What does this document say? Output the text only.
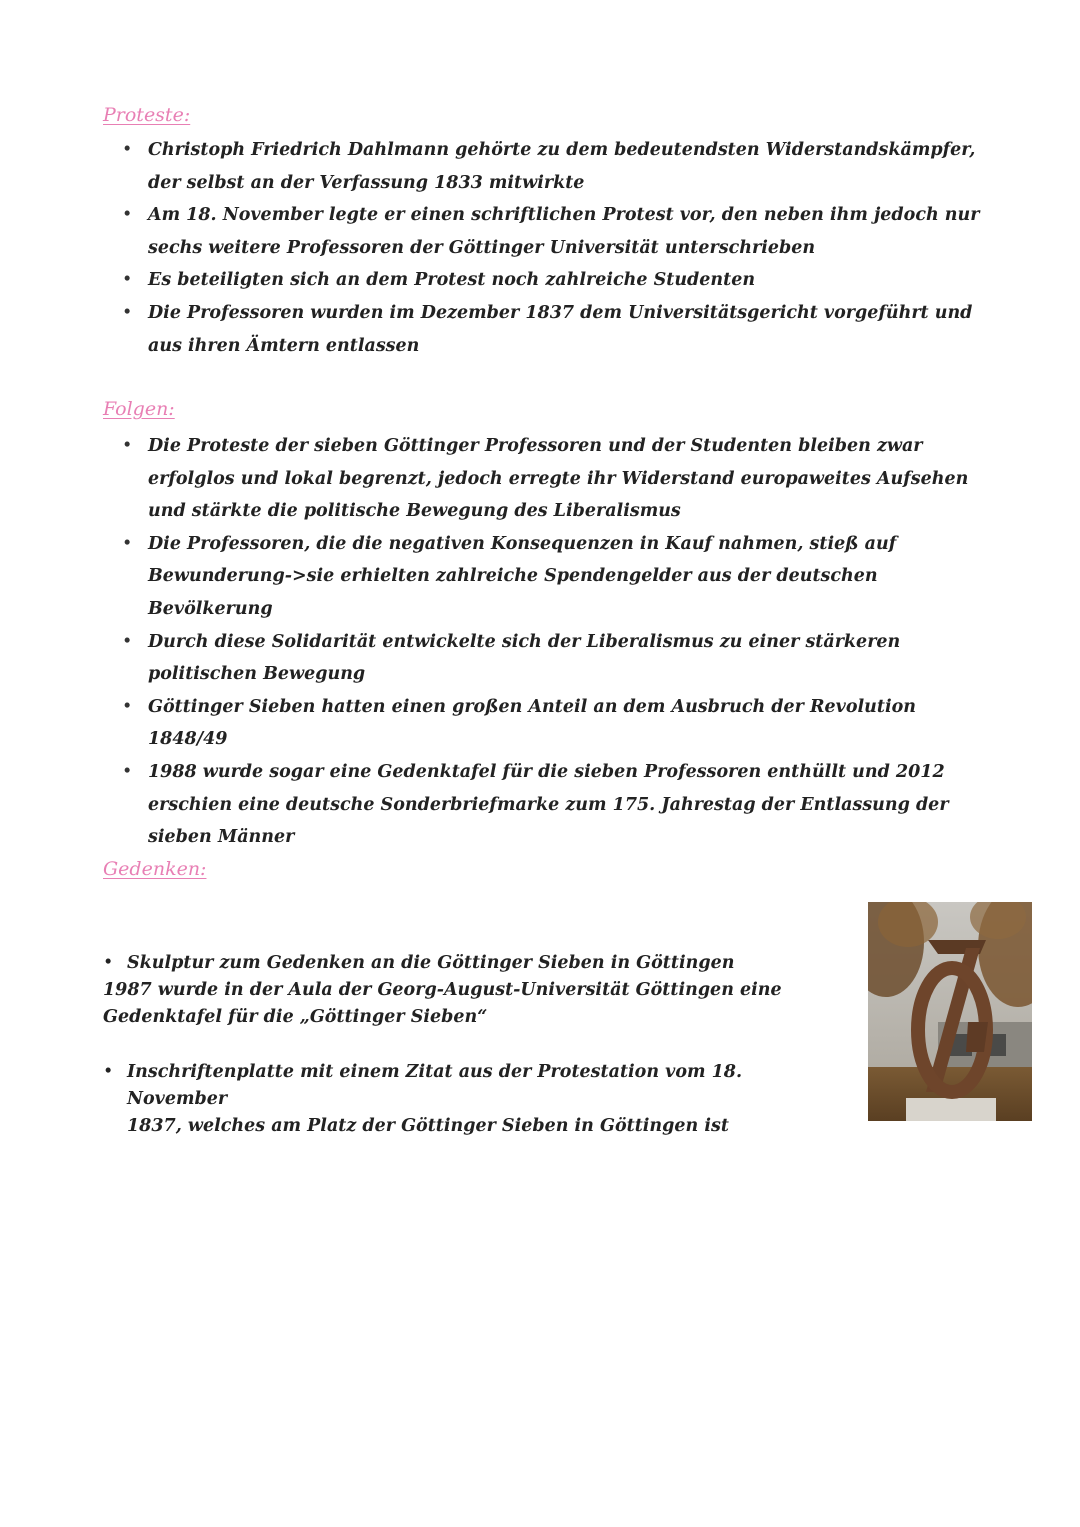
Proteste:
• Christoph Friedrich Dahlmann gehörte zu dem bedeutendsten Widerstandskämpfer, der selbst an der Verfassung 1833 mitwirkte
• Am 18. November legte er einen schriftlichen Protest vor, den neben ihm jedoch nur sechs weitere Professoren der Göttinger Universität unterschrieben
• Es beteiligten sich an dem Protest noch zahlreiche Studenten
• Die Professoren wurden im Dezember 1837 dem Universitätsgericht vorgeführt und aus ihren Ämtern entlassen
Folgen:
• Die Proteste der sieben Göttinger Professoren und der Studenten bleiben zwar erfolglos und lokal begrenzt, jedoch erregte ihr Widerstand europaweites Aufsehen und stärkte die politische Bewegung des Liberalismus
• Die Professoren, die die negativen Konsequenzen in Kauf nahmen, stieß auf Bewunderung->sie erhielten zahlreiche Spendengelder aus der deutschen Bevölkerung
• Durch diese Solidarität entwickelte sich der Liberalismus zu einer stärkeren politischen Bewegung
• Göttinger Sieben hatten einen großen Anteil an dem Ausbruch der Revolution 1848/49
• 1988 wurde sogar eine Gedenktafel für die sieben Professoren enthüllt und 2012 erschien eine deutsche Sonderbriefmarke zum 175. Jahrestag der Entlassung der sieben Männer
Gedenken:
• Skulptur zum Gedenken an die Göttinger Sieben in Göttingen
1987 wurde in der Aula der Georg-August-Universität Göttingen eine
Gedenktafel für die „Göttinger Sieben“
• Inschriftenplatte mit einem Zitat aus der Protestation vom 18. November
1837, welches am Platz der Göttinger Sieben in Göttingen ist
